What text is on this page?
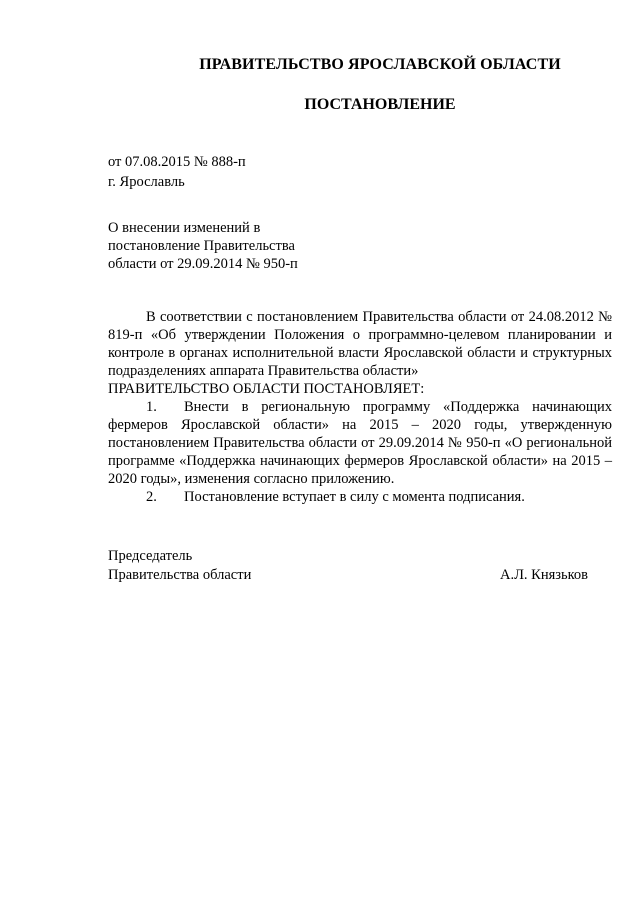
ПРАВИТЕЛЬСТВО ЯРОСЛАВСКОЙ ОБЛАСТИ
ПОСТАНОВЛЕНИЕ
от 07.08.2015 № 888-п
г. Ярославль
О внесении изменений в
постановление Правительства
области от 29.09.2014 № 950-п

В соответствии с постановлением Правительства области от 24.08.2012 № 819-п «Об утверждении Положения о программно-целевом планировании и контроле в органах исполнительной власти Ярославской области и структурных подразделениях аппарата Правительства области»

ПРАВИТЕЛЬСТВО ОБЛАСТИ ПОСТАНОВЛЯЕТ:

1. Внести в региональную программу «Поддержка начинающих фермеров Ярославской области» на 2015 – 2020 годы, утвержденную постановлением Правительства области от 29.09.2014 № 950-п «О региональной программе «Поддержка начинающих фермеров Ярославской области» на 2015 – 2020 годы», изменения согласно приложению.

2. Постановление вступает в силу с момента подписания.

Председатель
Правительства области	А.Л. Князьков
